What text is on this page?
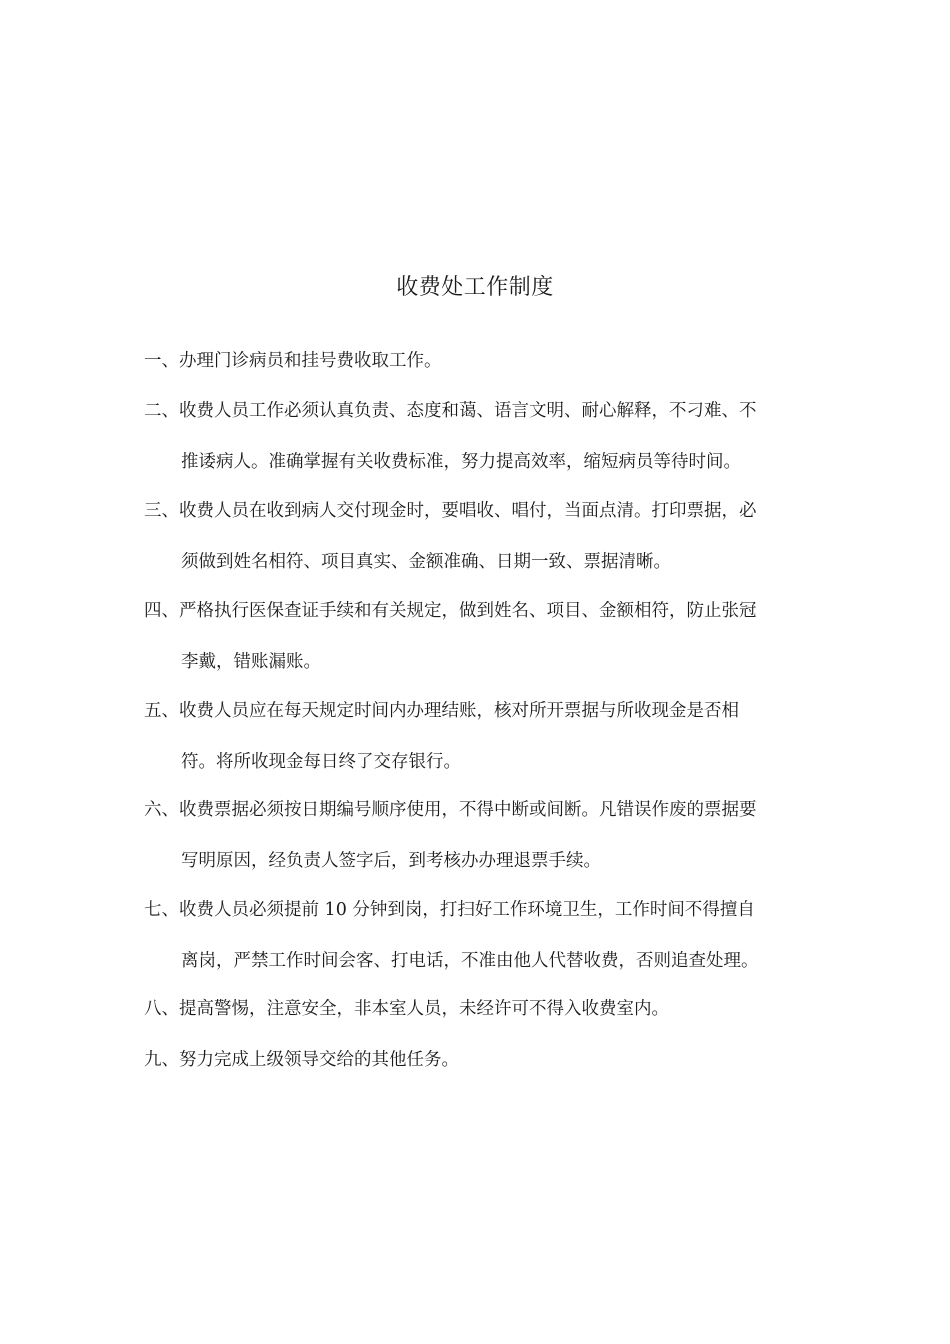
收费处工作制度
一、办理门诊病员和挂号费收取工作。
二、收费人员工作必须认真负责、态度和蔼、语言文明、耐心解释，不刁难、不
推诿病人。准确掌握有关收费标准，努力提高效率，缩短病员等待时间。
三、收费人员在收到病人交付现金时，要唱收、唱付，当面点清。打印票据，必
须做到姓名相符、项目真实、金额准确、日期一致、票据清晰。
四、严格执行医保查证手续和有关规定，做到姓名、项目、金额相符，防止张冠
李戴，错账漏账。
五、收费人员应在每天规定时间内办理结账，核对所开票据与所收现金是否相
符。将所收现金每日终了交存银行。
六、收费票据必须按日期编号顺序使用，不得中断或间断。凡错误作废的票据要
写明原因，经负责人签字后，到考核办办理退票手续。
七、收费人员必须提前 10 分钟到岗，打扫好工作环境卫生，工作时间不得擅自
离岗，严禁工作时间会客、打电话，不准由他人代替收费，否则追查处理。
八、提高警惕，注意安全，非本室人员，未经许可不得入收费室内。
九、努力完成上级领导交给的其他任务。
